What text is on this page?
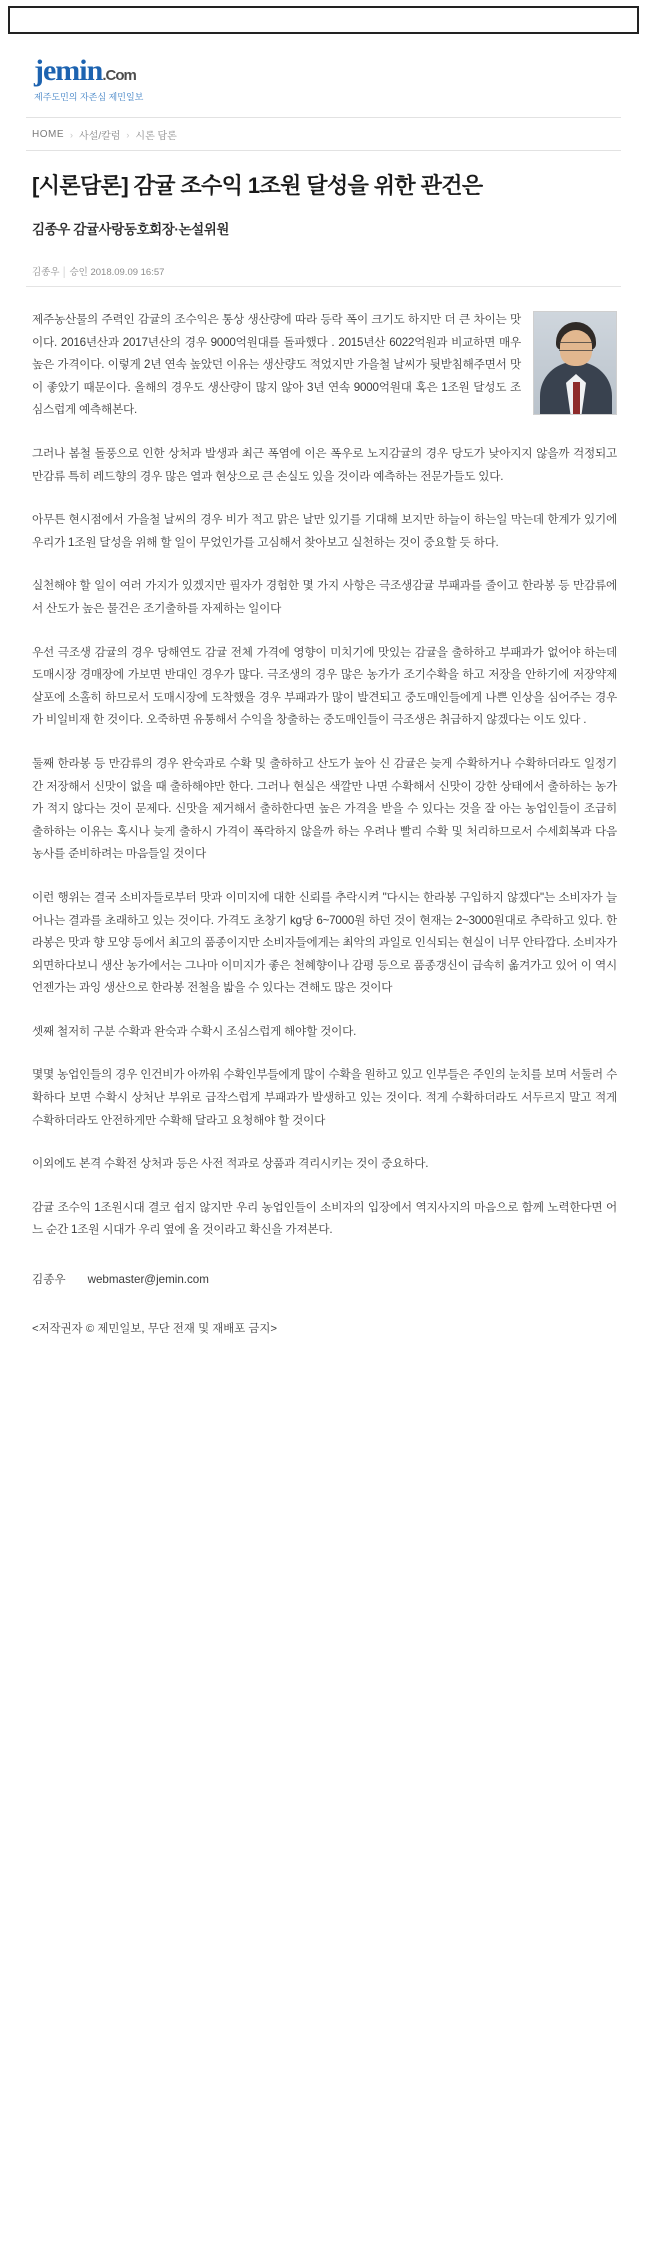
jemin.Com
제주도민의 자존심 제민일보
HOME › 사설/칼럼 › 시론 담론
[시론담론] 감귤 조수익 1조원 달성을 위한 관건은
김종우 감귤사랑동호회장·논설위원
김종우 │ 승인 2018.09.09 16:57

제주농산물의 주력인 감귤의 조수익은 통상 생산량에 따라 등락 폭이 크기도 하지만 더 큰 차이는 맛이다. 2016년산과 2017년산의 경우 9000억원대를 돌파했다 . 2015년산 6022억원과 비교하면 매우 높은 가격이다. 이렇게 2년 연속 높았던 이유는 생산량도 적었지만 가을철 날씨가 뒷받침해주면서 맛이 좋았기 때문이다. 올해의 경우도 생산량이 많지 않아 3년 연속 9000억원대 혹은 1조원 달성도 조심스럽게 예측해본다.

그러나 봄철 돌풍으로 인한 상처과 발생과 최근 폭염에 이은 폭우로 노지감귤의 경우 당도가 낮아지지 않을까 걱정되고 만감류 특히 레드향의 경우 많은 열과 현상으로 큰 손실도 있을 것이라 예측하는 전문가들도 있다.

아무튼 현시점에서 가을철 날씨의 경우 비가 적고 맑은 날만 있기를 기대해 보지만 하늘이 하는일 막는데 한계가 있기에 우리가 1조원 달성을 위해 할 일이 무었인가를 고심해서 찾아보고 실천하는 것이 중요할 듯 하다.

실천해야 할 일이 여러 가지가 있겠지만 필자가 경험한 몇 가지 사항은 극조생감귤 부패과를 줄이고 한라봉 등 만감류에서 산도가 높은 물건은 조기출하를 자제하는 일이다

우선 극조생 감귤의 경우 당해연도 감귤 전체 가격에 영향이 미치기에 맛있는 감귤을 출하하고 부패과가 없어야 하는데 도매시장 경매장에 가보면 반대인 경우가 많다. 극조생의 경우 많은 농가가 조기수확을 하고 저장을 안하기에 저장약제 살포에 소홀히 하므로서 도매시장에 도착했을 경우 부패과가 많이 발견되고 중도매인들에게 나쁜 인상을 심어주는 경우가 비일비재 한 것이다. 오죽하면 유통해서 수익을 창출하는 중도매인들이 극조생은 취급하지 않겠다는 이도 있다 .

둘째 한라봉 등 만감류의 경우 완숙과로 수확 및 출하하고 산도가 높아 신 감귤은 늦게 수확하거나 수확하더라도 일정기간 저장해서 신맛이 없을 때 출하해야만 한다. 그러나 현실은 색깔만 나면 수확해서 신맛이 강한 상태에서 출하하는 농가가 적지 않다는 것이 문제다. 신맛을 제거해서 출하한다면 높은 가격을 받을 수 있다는 것을 잘 아는 농업인들이 조급히 출하하는 이유는 혹시나 늦게 출하시 가격이 폭락하지 않을까 하는 우려나 빨리 수확 및 처리하므로서 수세회복과 다음 농사를 준비하려는 마음들일 것이다

이런 행위는 결국 소비자들로부터 맛과 이미지에 대한 신뢰를 추락시켜 "다시는 한라봉 구입하지 않겠다"는 소비자가 늘어나는 결과를 초래하고 있는 것이다. 가격도 초창기 kg당 6~7000원 하던 것이 현재는 2~3000원대로 추락하고 있다. 한라봉은 맛과 향 모양 등에서 최고의 품종이지만 소비자들에게는 최악의 과일로 인식되는 현실이 너무 안타깝다. 소비자가 외면하다보니 생산 농가에서는 그나마 이미지가 좋은 천혜향이나 감평 등으로 품종갱신이 급속히 옮겨가고 있어 이 역시 언젠가는 과잉 생산으로 한라봉 전철을 밟을 수 있다는 견해도 많은 것이다

셋째 철저히 구분 수확과 완숙과 수확시 조심스럽게 해야할 것이다.

몇몇 농업인들의 경우 인건비가 아까워 수확인부들에게 많이 수확을 원하고 있고 인부들은 주인의 눈치를 보며 서둘러 수확하다 보면 수확시 상처난 부위로 급작스럽게 부패과가 발생하고 있는 것이다. 적게 수확하더라도 서두르지 말고 적게 수확하더라도 안전하게만 수확해 달라고 요청해야 할 것이다

이외에도 본격 수확전 상처과 등은 사전 적과로 상품과 격리시키는 것이 중요하다.

감귤 조수익 1조원시대 결코 쉽지 않지만 우리 농업인들이 소비자의 입장에서 역지사지의 마음으로 함께 노력한다면 어느 순간 1조원 시대가 우리 옆에 올 것이라고 확신을 가져본다.

김종우 webmaster@jemin.com
<저작권자 © 제민일보, 무단 전재 및 재배포 금지>
